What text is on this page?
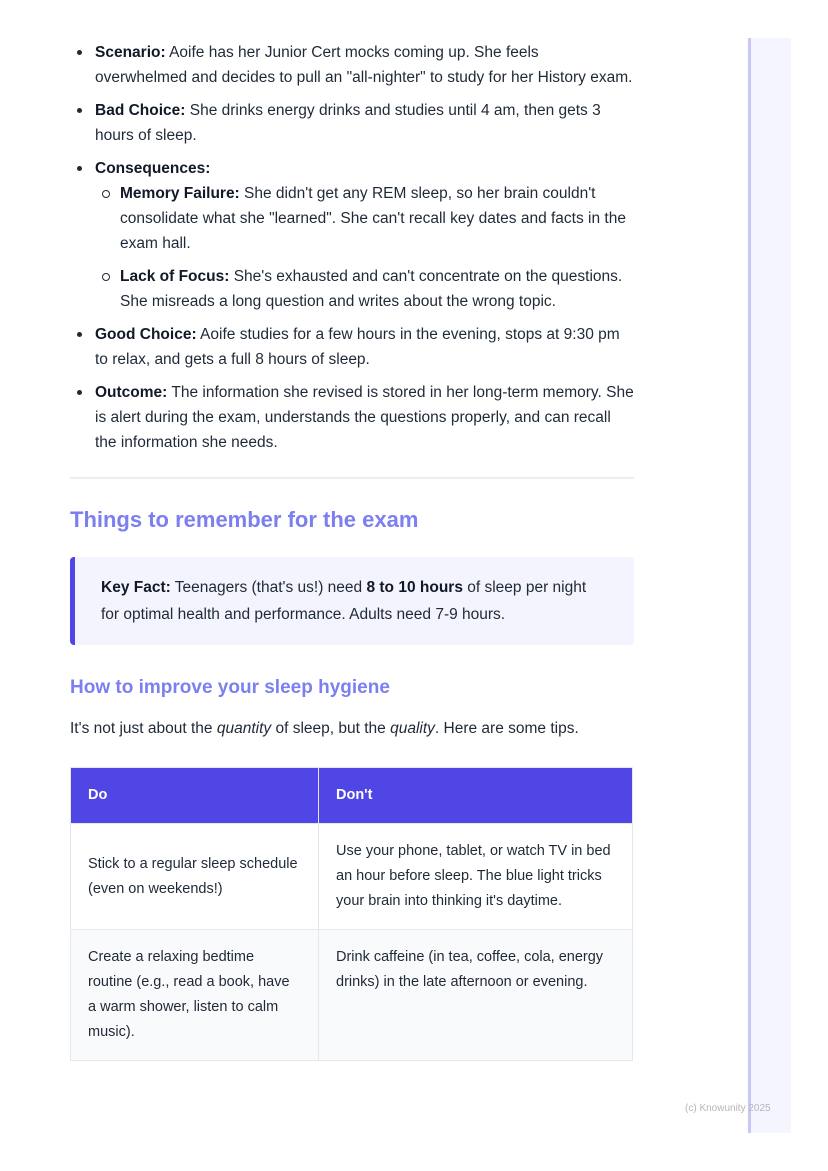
Scenario: Aoife has her Junior Cert mocks coming up. She feels overwhelmed and decides to pull an "all-nighter" to study for her History exam.
Bad Choice: She drinks energy drinks and studies until 4 am, then gets 3 hours of sleep.
Consequences:
Memory Failure: She didn't get any REM sleep, so her brain couldn't consolidate what she "learned". She can't recall key dates and facts in the exam hall.
Lack of Focus: She's exhausted and can't concentrate on the questions. She misreads a long question and writes about the wrong topic.
Good Choice: Aoife studies for a few hours in the evening, stops at 9:30 pm to relax, and gets a full 8 hours of sleep.
Outcome: The information she revised is stored in her long-term memory. She is alert during the exam, understands the questions properly, and can recall the information she needs.
Things to remember for the exam
Key Fact: Teenagers (that's us!) need 8 to 10 hours of sleep per night for optimal health and performance. Adults need 7-9 hours.
How to improve your sleep hygiene

It's not just about the quantity of sleep, but the quality. Here are some tips.

Do	Don't
Stick to a regular sleep schedule (even on weekends!)	Use your phone, tablet, or watch TV in bed an hour before sleep. The blue light tricks your brain into thinking it's daytime.
Create a relaxing bedtime routine (e.g., read a book, have a warm shower, listen to calm music).	Drink caffeine (in tea, coffee, cola, energy drinks) in the late afternoon or evening.
(c) Knowunity 2025
